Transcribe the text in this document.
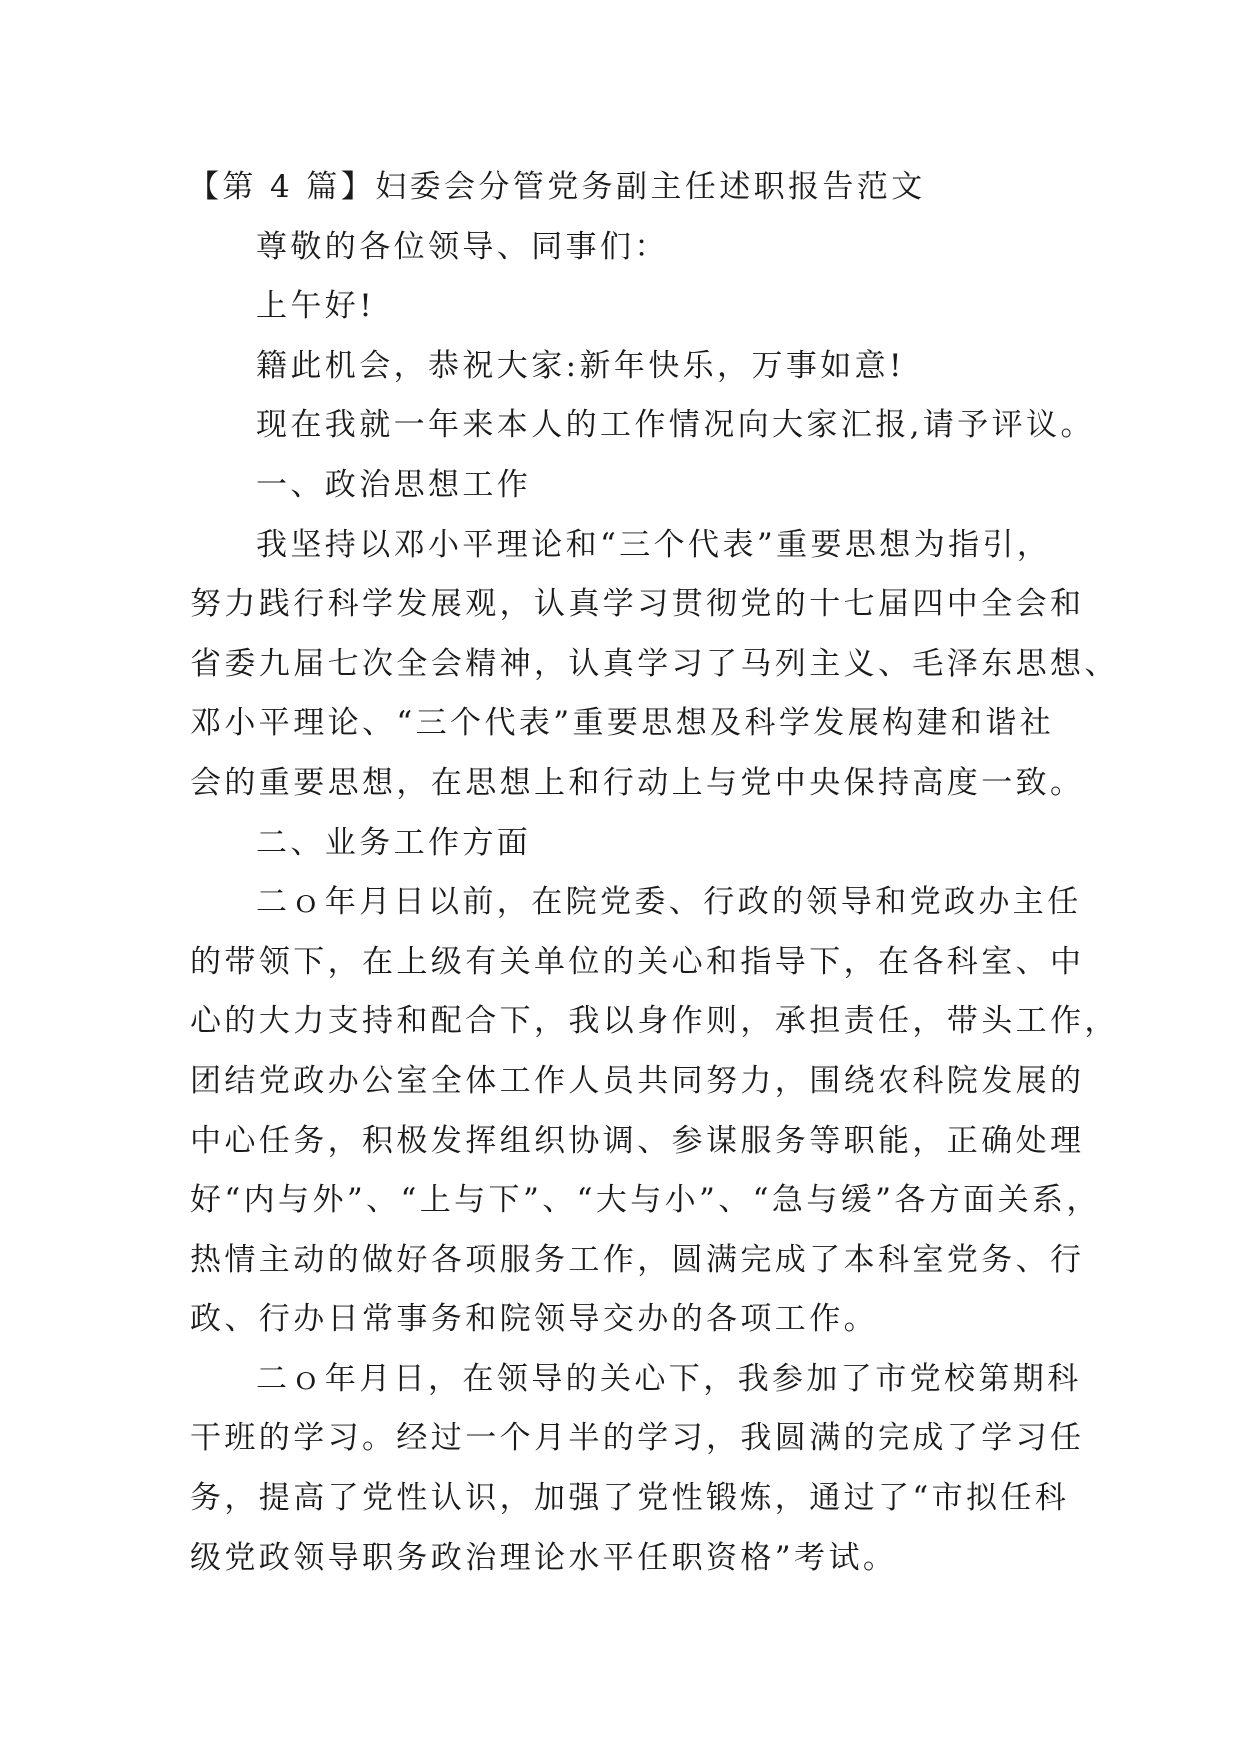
【第 4 篇】妇委会分管党务副主任述职报告范文

尊敬的各位领导、同事们：

上午好!

籍此机会，恭祝大家:新年快乐，万事如意!

现在我就一年来本人的工作情况向大家汇报,请予评议。

一、政治思想工作

我坚持以邓小平理论和“三个代表”重要思想为指引，

努力践行科学发展观，认真学习贯彻党的十七届四中全会和

省委九届七次全会精神，认真学习了马列主义、毛泽东思想、

邓小平理论、“三个代表”重要思想及科学发展构建和谐社

会的重要思想，在思想上和行动上与党中央保持高度一致。

二、业务工作方面

二ｏ年月日以前，在院党委、行政的领导和党政办主任

的带领下，在上级有关单位的关心和指导下，在各科室、中

心的大力支持和配合下，我以身作则，承担责任，带头工作，

团结党政办公室全体工作人员共同努力，围绕农科院发展的

中心任务，积极发挥组织协调、参谋服务等职能，正确处理

好“内与外”、“上与下”、“大与小”、“急与缓”各方面关系，

热情主动的做好各项服务工作，圆满完成了本科室党务、行

政、行办日常事务和院领导交办的各项工作。

二ｏ年月日，在领导的关心下，我参加了市党校第期科

干班的学习。经过一个月半的学习，我圆满的完成了学习任

务，提高了党性认识，加强了党性锻炼，通过了“市拟任科

级党政领导职务政治理论水平任职资格”考试。
